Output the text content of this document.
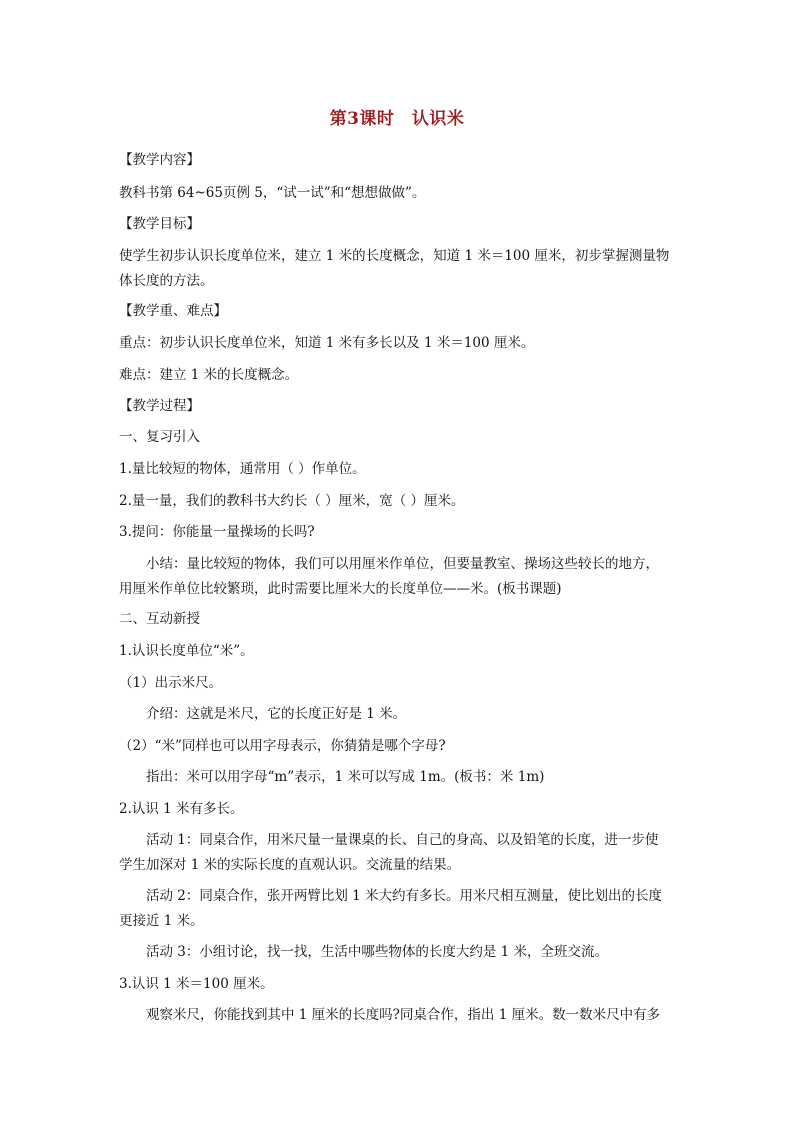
第3课时　认识米
【教学内容】
教科书第 64~65页例 5，“试一试”和“想想做做”。
【教学目标】
使学生初步认识长度单位米，建立 1 米的长度概念，知道 1 米＝100 厘米，初步掌握测量物
体长度的方法。
【教学重、难点】
重点：初步认识长度单位米，知道 1 米有多长以及 1 米＝100 厘米。
难点：建立 1 米的长度概念。
【教学过程】
一、复习引入
1.量比较短的物体，通常用（ ）作单位。
2.量一量，我们的教科书大约长（ ）厘米，宽（ ）厘米。
3.提问：你能量一量操场的长吗?
小结：量比较短的物体，我们可以用厘米作单位，但要量教室、操场这些较长的地方，
用厘米作单位比较繁琐，此时需要比厘米大的长度单位——米。(板书课题)
二、互动新授
1.认识长度单位“米”。
（1）出示米尺。
介绍：这就是米尺，它的长度正好是 1 米。
（2）“米”同样也可以用字母表示，你猜猜是哪个字母?
指出：米可以用字母“m”表示，1 米可以写成 1m。(板书：米 1m)
2.认识 1 米有多长。
活动 1：同桌合作，用米尺量一量课桌的长、自己的身高、以及铅笔的长度，进一步使
学生加深对 1 米的实际长度的直观认识。交流量的结果。
活动 2：同桌合作，张开两臂比划 1 米大约有多长。用米尺相互测量，使比划出的长度
更接近 1 米。
活动 3：小组讨论，找一找，生活中哪些物体的长度大约是 1 米，全班交流。
3.认识 1 米＝100 厘米。
观察米尺，你能找到其中 1 厘米的长度吗?同桌合作，指出 1 厘米。数一数米尺中有多
